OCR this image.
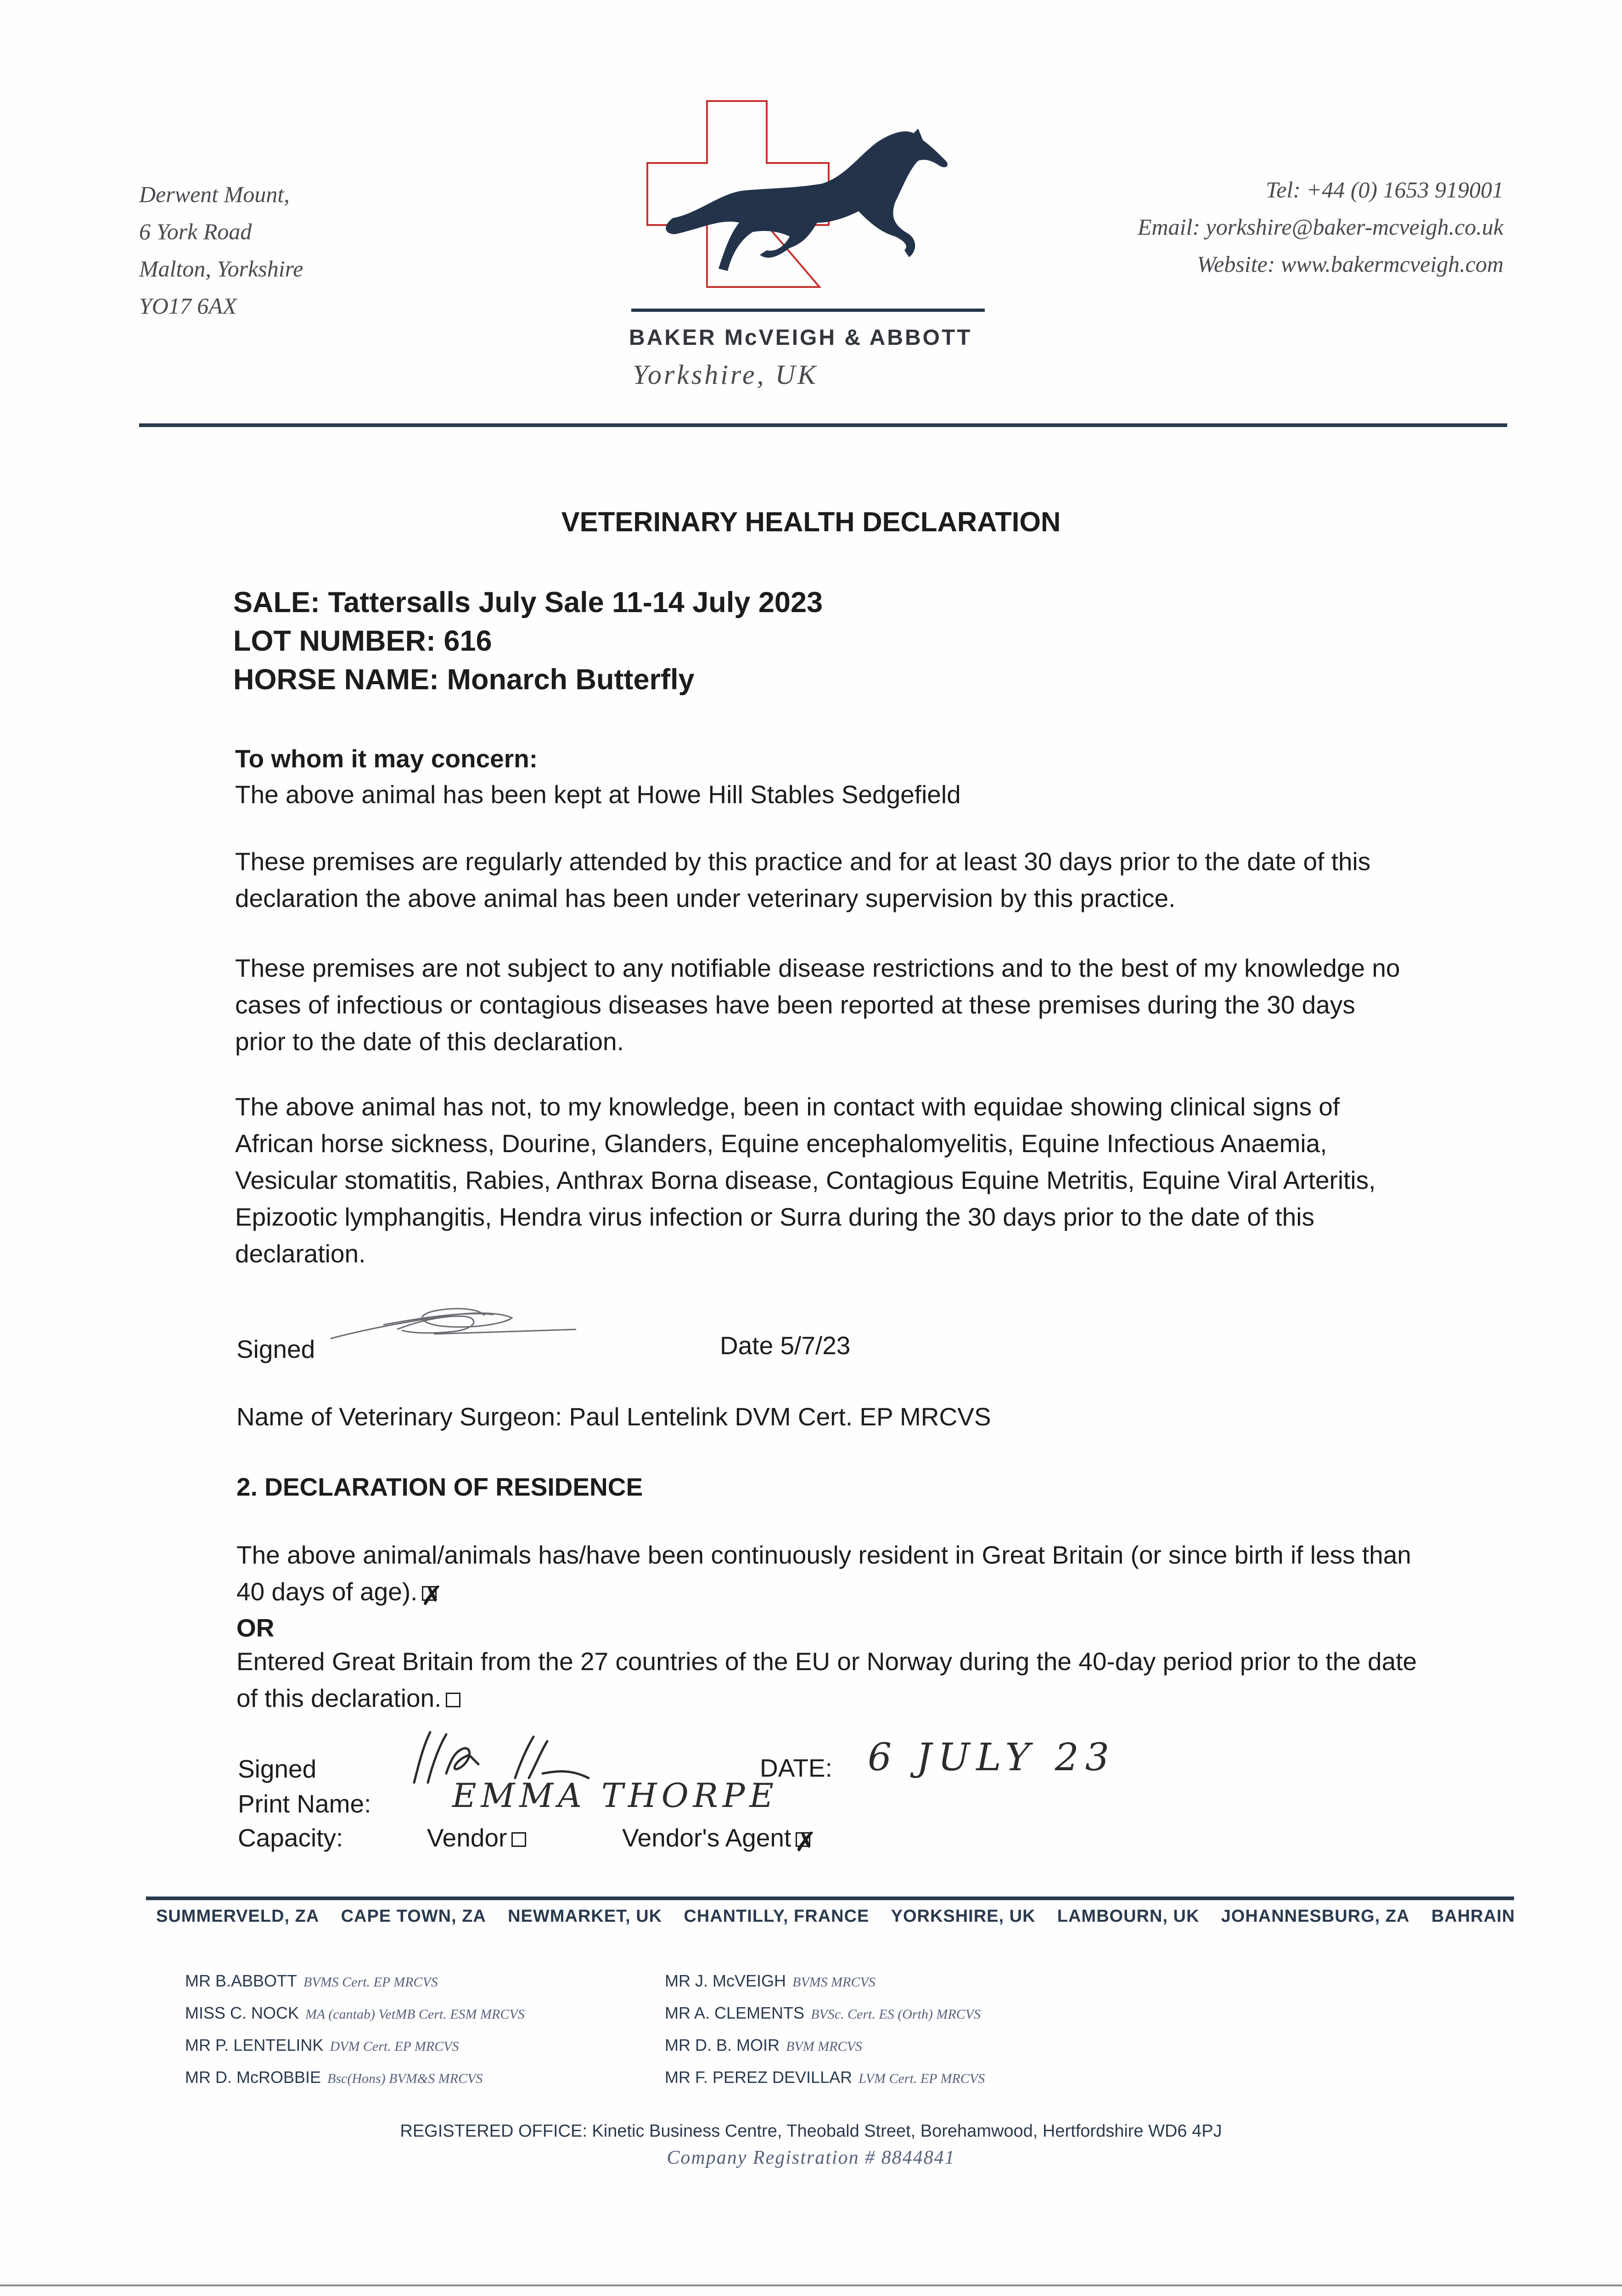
Derwent Mount,
6 York Road
Malton, Yorkshire
YO17 6AX
BAKER McVEIGH & ABBOTT
Yorkshire, UK
Tel: +44 (0) 1653 919001
Email: yorkshire@baker-mcveigh.co.uk
Website: www.bakermcveigh.com
VETERINARY HEALTH DECLARATION
SALE: Tattersalls July Sale 11-14 July 2023
LOT NUMBER: 616
HORSE NAME: Monarch Butterfly
To whom it may concern:
The above animal has been kept at Howe Hill Stables Sedgefield
These premises are regularly attended by this practice and for at least 30 days prior to the date of this declaration the above animal has been under veterinary supervision by this practice.
These premises are not subject to any notifiable disease restrictions and to the best of my knowledge no cases of infectious or contagious diseases have been reported at these premises during the 30 days prior to the date of this declaration.
The above animal has not, to my knowledge, been in contact with equidae showing clinical signs of African horse sickness, Dourine, Glanders, Equine encephalomyelitis, Equine Infectious Anaemia, Vesicular stomatitis, Rabies, Anthrax Borna disease, Contagious Equine Metritis, Equine Viral Arteritis, Epizootic lymphangitis, Hendra virus infection or Surra during the 30 days prior to the date of this declaration.
Signed	Date 5/7/23
Name of Veterinary Surgeon: Paul Lentelink DVM Cert. EP MRCVS
2. DECLARATION OF RESIDENCE
The above animal/animals has/have been continuously resident in Great Britain (or since birth if less than 40 days of age).✗
OR
Entered Great Britain from the 27 countries of the EU or Norway during the 40-day period prior to the date of this declaration.
Signed	DATE: 6 JULY 23
Print Name: EMMA THORPE
Capacity:	Vendor	Vendor's Agent✗
SUMMERVELD, ZA CAPE TOWN, ZA NEWMARKET, UK CHANTILLY, FRANCE YORKSHIRE, UK LAMBOURN, UK JOHANNESBURG, ZA BAHRAIN
MR B.ABBOTT BVMS Cert. EP MRCVS
MISS C. NOCK MA (cantab) VetMB Cert. ESM MRCVS
MR P. LENTELINK DVM Cert. EP MRCVS
MR D. McROBBIE Bsc(Hons) BVM&S MRCVS
MR J. McVEIGH BVMS MRCVS
MR A. CLEMENTS BVSc. Cert. ES (Orth) MRCVS
MR D. B. MOIR BVM MRCVS
MR F. PEREZ DEVILLAR LVM Cert. EP MRCVS
REGISTERED OFFICE: Kinetic Business Centre, Theobald Street, Borehamwood, Hertfordshire WD6 4PJ
Company Registration # 8844841
